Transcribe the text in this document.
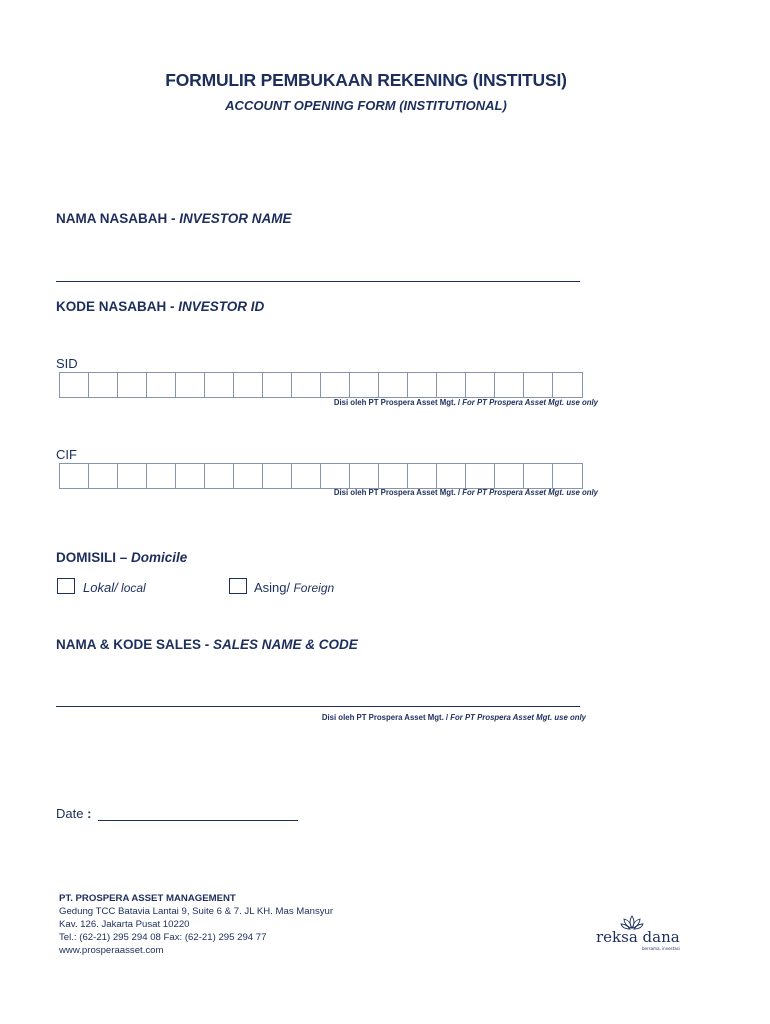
FORMULIR PEMBUKAAN REKENING (INSTITUSI)
ACCOUNT OPENING FORM (INSTITUTIONAL)
NAMA NASABAH - INVESTOR NAME
KODE NASABAH - INVESTOR ID
SID
Disi oleh PT Prospera Asset Mgt. / For PT Prospera Asset Mgt. use only
CIF
Disi oleh PT Prospera Asset Mgt. / For PT Prospera Asset Mgt. use only
DOMISILI – Domicile
Lokal/ local	Asing/ Foreign
NAMA & KODE SALES - SALES NAME & CODE
Disi oleh PT Prospera Asset Mgt. / For PT Prospera Asset Mgt. use only
Date :
PT. PROSPERA ASSET MANAGEMENT
Gedung TCC Batavia Lantai 9, Suite 6 & 7. JL KH. Mas Mansyur
Kav. 126. Jakarta Pusat 10220
Tel.: (62-21) 295 294 08 Fax: (62-21) 295 294 77
www.prosperaasset.com
reksa dana
bersama, investasi
